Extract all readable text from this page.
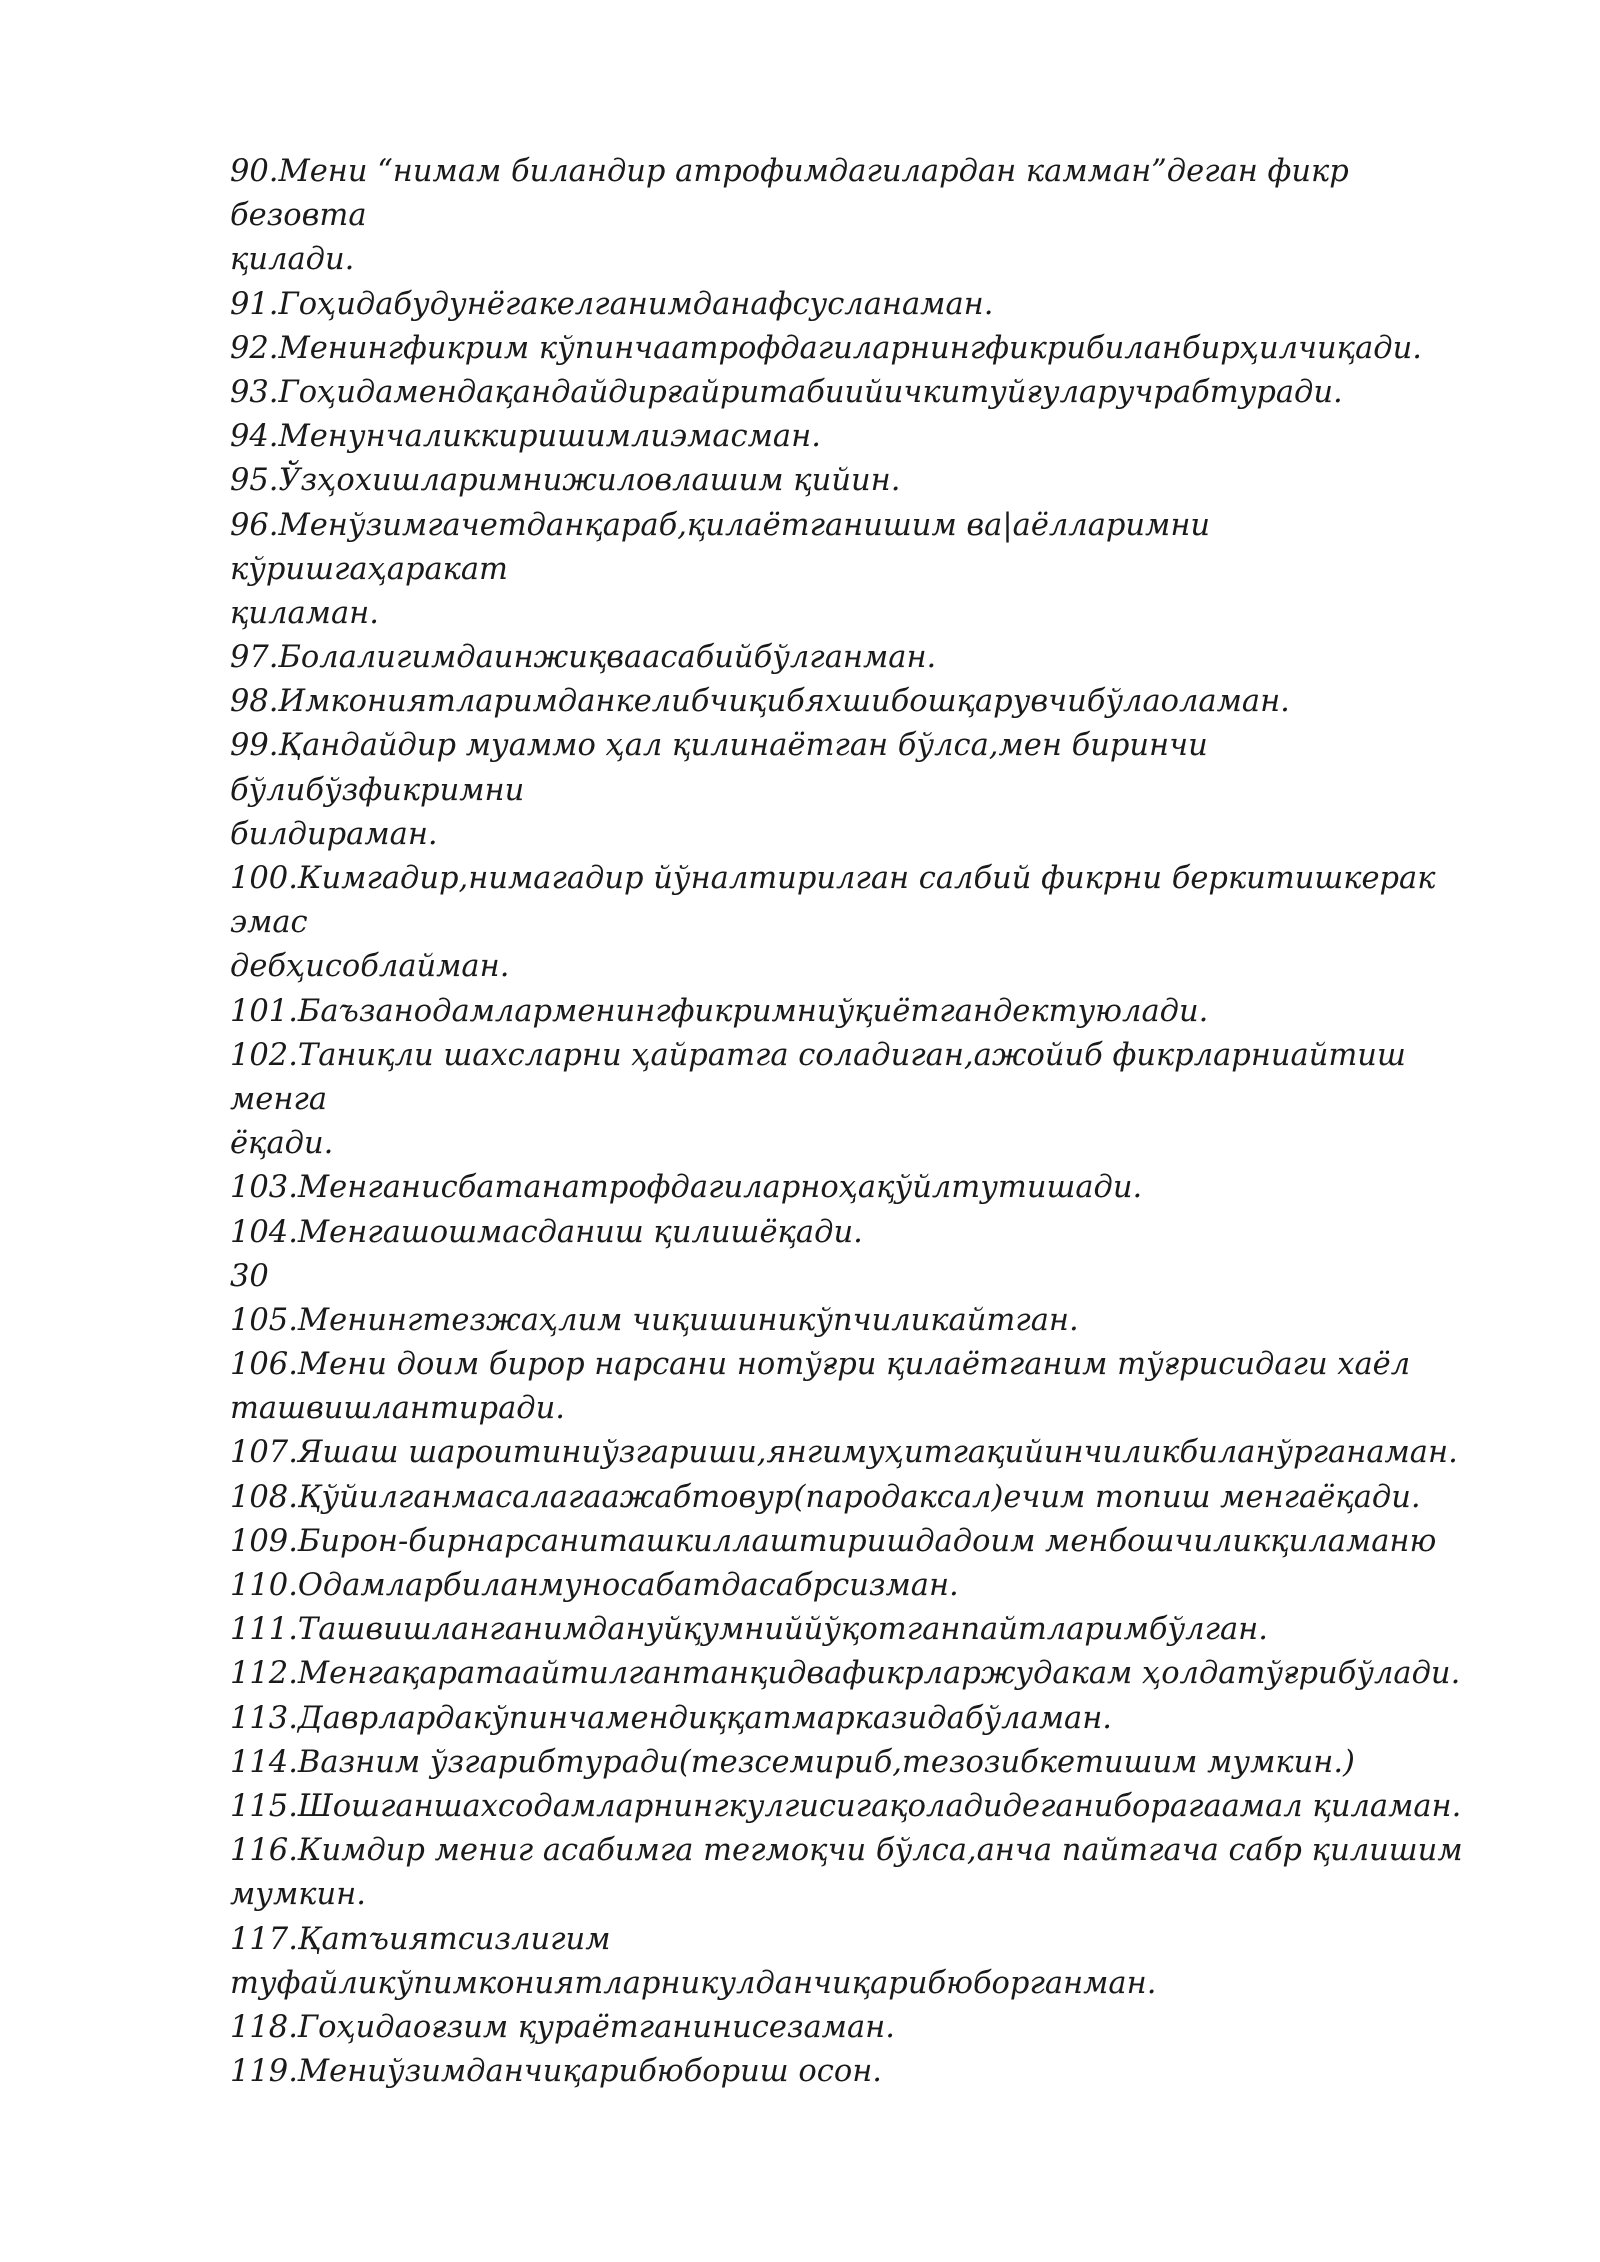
90.Мени “нимам биландир атрофимдагилардан камман”деган фикр
безовта
қилади.
91.Гоҳидабудунёгакелганимданафсусланаман.
92.Менингфикрим кўпинчаатрофдагиларнингфикрибиланбирҳилчиқади.
93.Гоҳидамендақандайдирғайритабиийичкитуйғуларучрабтуради.
94.Менунчаликкиришимлиэмасман.
95.Ўзҳохишларимнижиловлашим қийин.
96.Менўзимгачетданқараб,қилаётганишим ва|аёлларимни
кўришгаҳаракат
қиламан.
97.Болалигимдаинжиқваасабийбўлганман.
98.Имкониятларимданкелибчиқибяхшибошқарувчибўлаоламан.
99.Қандайдир муаммо ҳал қилинаётган бўлса,мен биринчи
бўлибўзфикримни
билдираман.
100.Кимгадир,нимагадир йўналтирилган салбий фикрни беркитишкерак
эмас
дебҳисоблайман.
101.Баъзанодамларменингфикримниўқиётгандектуюлади.
102.Таниқли шахсларни ҳайратга соладиган,ажойиб фикрларниайтиш
менга
ёқади.
103.Менганисбатанатрофдагиларноҳақўйлтутишади.
104.Менгашошмасданиш қилишёқади.
30
105.Менингтезжаҳлим чиқишиникўпчиликайтган.
106.Мени доим бирор нарсани нотўғри қилаётганим тўғрисидаги хаёл
ташвишлантиради.
107.Яшаш шароитиниўзгариши,янгимуҳитгақийинчиликбиланўрганаман.
108.Қўйилганмасалагаажабтовур(пародаксал)ечим топиш менгаёқади.
109.Бирон-бирнарсаниташкиллаштиришдадоим менбошчиликқиламаню
110.Одамларбиланмуносабатдасабрсизман.
111.Ташвишланганимдануйқумниййўқотганпайтларимбўлган.
112.Менгақаратаайтилгантанқидвафикрларжудакам ҳолдатўғрибўлади.
113.Даврлардакўпинчамендиққатмарказидабўламан.
114.Вазним ўзгарибтуради(тезсемириб,тезозибкетишим мумкин.)
115.Шошганшахсодамларнингкулгисигақоладидеганиборагаамал қиламан.
116.Кимдир мениг асабимга тегмоқчи бўлса,анча пайтгача сабр қилишим
мумкин.
117.Қатъиятсизлигим
туфайликўпимкониятларникулданчиқарибюборганман.
118.Гоҳидаоғзим қураётганинисезаман.
119.Мениўзимданчиқарибюбориш осон.
